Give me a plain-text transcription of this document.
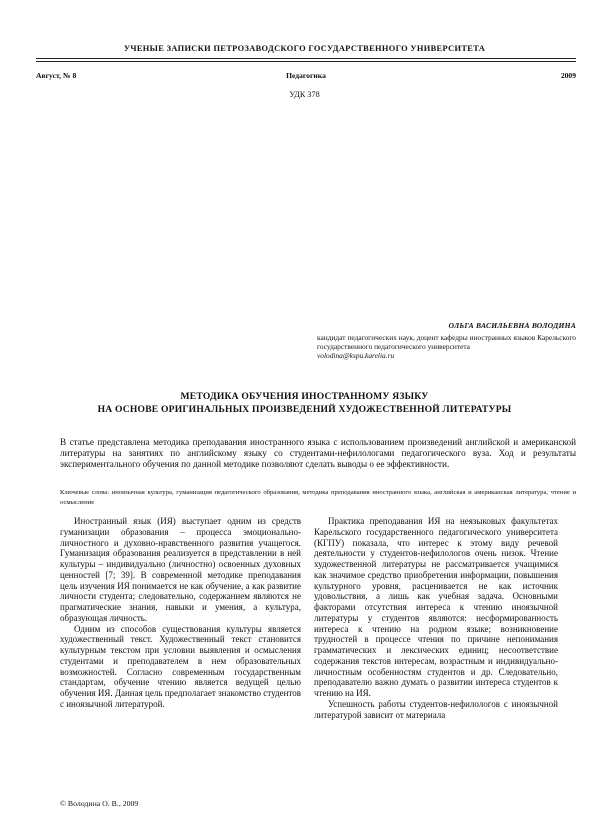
УЧЕНЫЕ ЗАПИСКИ ПЕТРОЗАВОДСКОГО ГОСУДАРСТВЕННОГО УНИВЕРСИТЕТА
Август, № 8	Педагогика	2009
УДК 378
ОЛЬГА ВАСИЛЬЕВНА ВОЛОДИНА
кандидат педагогических наук, доцент кафедры иностранных языков Карельского государственного педагогического университета
volodina@kspu.karelia.ru
МЕТОДИКА ОБУЧЕНИЯ ИНОСТРАННОМУ ЯЗЫКУ
НА ОСНОВЕ ОРИГИНАЛЬНЫХ ПРОИЗВЕДЕНИЙ ХУДОЖЕСТВЕННОЙ ЛИТЕРАТУРЫ
В статье представлена методика преподавания иностранного языка с использованием произведений английской и американской литературы на занятиях по английскому языку со студентами-нефилологами педагогического вуза. Ход и результаты экспериментального обучения по данной методике позволяют сделать выводы о ее эффективности.
Ключевые слова: иноязычная культура, гуманизация педагогического образования, методика преподавания иностранного языка, английская и американская литература, чтение и осмысление

Иностранный язык (ИЯ) выступает одним из средств гуманизации образования – процесса эмоционально-личностного и духовно-нравственного развития учащегося. Гуманизация образования реализуется в представлении в ней культуры – индивидуально (личностно) освоенных духовных ценностей [7; 39]. В современной методике преподавания цель изучения ИЯ понимается не как обучение, а как развитие личности студента; следовательно, содержанием являются не прагматические знания, навыки и умения, а культура, образующая личность.

Одним из способов существования культуры является художественный текст. Художественный текст становится культурным текстом при условии выявления и осмысления студентами и преподавателем в нем образовательных возможностей. Согласно современным государственным стандартам, обучение чтению является ведущей целью обучения ИЯ. Данная цель предполагает знакомство студентов с иноязычной литературой.

Практика преподавания ИЯ на неязыковых факультетах Карельского государственного педагогического университета (КГПУ) показала, что интерес к этому виду речевой деятельности у студентов-нефилологов очень низок. Чтение художественной литературы не рассматривается учащимися как значимое средство приобретения информации, повышения культурного уровня, расценивается не как источник удовольствия, а лишь как учебная задача. Основными факторами отсутствия интереса к чтению иноязычной литературы у студентов являются: несформированность интереса к чтению на родном языке; возникновение трудностей в процессе чтения по причине непонимания грамматических и лексических единиц; несоответствие содержания текстов интересам, возрастным и индивидуально-личностным особенностям студентов и др. Следовательно, преподавателю важно думать о развитии интереса студентов к чтению на ИЯ.

Успешность работы студентов-нефилологов с иноязычной литературой зависит от материала

© Володина О. В., 2009
